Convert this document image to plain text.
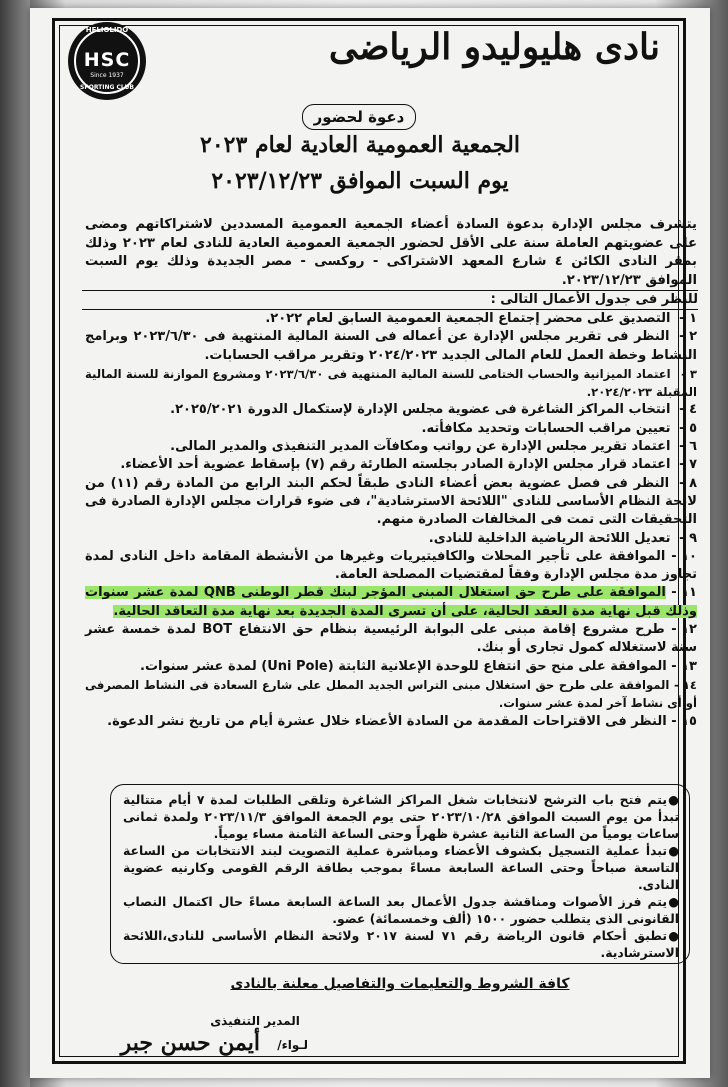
HELIOLIDO
HSC
Since 1937
SPORTING CLUB
نادى هليوليدو الرياضى
دعوة لحضور
الجمعية العمومية العادية لعام ٢٠٢٣
يوم السبت الموافق ٢٠٢٣/١٢/٢٣
يتشرف مجلس الإدارة بدعوة السادة أعضاء الجمعية العمومية المسددين لاشتراكاتهم ومضى على عضويتهم العاملة سنة على الأقل لحضور الجمعية العمومية العادية للنادى لعام ٢٠٢٣ وذلك بمقر النادى الكائن ٤ شارع المعهد الاشتراكى - روكسى - مصر الجديدة وذلك يوم السبت الموافق ٢٠٢٣/١٢/٢٣.
للنظر فى جدول الأعمال التالى :
١ - التصديق على محضر إجتماع الجمعية العمومية السابق لعام ٢٠٢٢.
٢ - النظر فى تقرير مجلس الإدارة عن أعماله فى السنة المالية المنتهية فى ٢٠٢٣/٦/٣٠ وبرامج النشاط وخطة العمل للعام المالى الجديد ٢٠٢٤/٢٠٢٣ وتقرير مراقب الحسابات.
٣ - اعتماد الميزانية والحساب الختامى للسنة المالية المنتهية فى ٢٠٢٣/٦/٣٠ ومشروع الموازنة للسنة المالية المقبلة ٢٠٢٤/٢٠٢٣.
٤ - انتخاب المراكز الشاغرة فى عضوية مجلس الإدارة لإستكمال الدورة ٢٠٢٥/٢٠٢١.
٥ - تعيين مراقب الحسابات وتحديد مكافأته.
٦ - اعتماد تقرير مجلس الإدارة عن رواتب ومكافآت المدير التنفيذى والمدير المالى.
٧ - اعتماد قرار مجلس الإدارة الصادر بجلسته الطارئة رقم (٧) بإسقاط عضوية أحد الأعضاء.
٨ - النظر فى فصل عضوية بعض أعضاء النادى طبقاً لحكم البند الرابع من المادة رقم (١١) من لائحة النظام الأساسى للنادى "اللائحة الاسترشادية"، فى ضوء قرارات مجلس الإدارة الصادرة فى التحقيقات التى تمت فى المخالفات الصادرة منهم.
٩ - تعديل اللائحة الرياضية الداخلية للنادى.
١٠ - الموافقة على تأجير المحلات والكافيتيريات وغيرها من الأنشطة المقامة داخل النادى لمدة تجاوز مدة مجلس الإدارة وفقاً لمقتضيات المصلحة العامة.
١١ - الموافقة على طرح حق استغلال المبنى المؤجر لبنك قطر الوطنى QNB لمدة عشر سنوات وذلك قبل نهاية مدة العقد الحالية، على أن تسرى المدة الجديدة بعد نهاية مدة التعاقد الحالية.
١٢ - طرح مشروع إقامة مبنى على البوابة الرئيسية بنظام حق الانتفاع BOT لمدة خمسة عشر سنة لاستغلاله كمول تجارى أو بنك.
١٣ - الموافقة على منح حق انتفاع للوحدة الإعلانية الثابتة (Uni Pole) لمدة عشر سنوات.
١٤ - الموافقة على طرح حق استغلال مبنى التراس الجديد المطل على شارع السعادة فى النشاط المصرفى أو أى نشاط آخر لمدة عشر سنوات.
١٥ - النظر فى الاقتراحات المقدمة من السادة الأعضاء خلال عشرة أيام من تاريخ نشر الدعوة.
●يتم فتح باب الترشح لانتخابات شغل المراكز الشاغرة وتلقى الطلبات لمدة ٧ أيام متتالية تبدأ من يوم السبت الموافق ٢٠٢٣/١٠/٢٨ حتى يوم الجمعة الموافق ٢٠٢٣/١١/٣ ولمدة ثمانى ساعات يومياً من الساعة الثانية عشرة ظهراً وحتى الساعة الثامنة مساء يومياً.
●تبدأ عملية التسجيل بكشوف الأعضاء ومباشرة عملية التصويت لبند الانتخابات من الساعة التاسعة صباحاً وحتى الساعة السابعة مساءً بموجب بطاقة الرقم القومى وكارنيه عضوية النادى.
●يتم فرز الأصوات ومناقشة جدول الأعمال بعد الساعة السابعة مساءً حال اكتمال النصاب القانونى الذى يتطلب حضور ١٥٠٠ (ألف وخمسمائة) عضو.
●تطبق أحكام قانون الرياضة رقم ٧١ لسنة ٢٠١٧ ولائحة النظام الأساسى للنادى،اللائحة الاسترشادية.
كافة الشروط والتعليمات والتفاصيل معلنة بالنادى
المدير التنفيذى
لـواء/
أيمن حسن جبر
